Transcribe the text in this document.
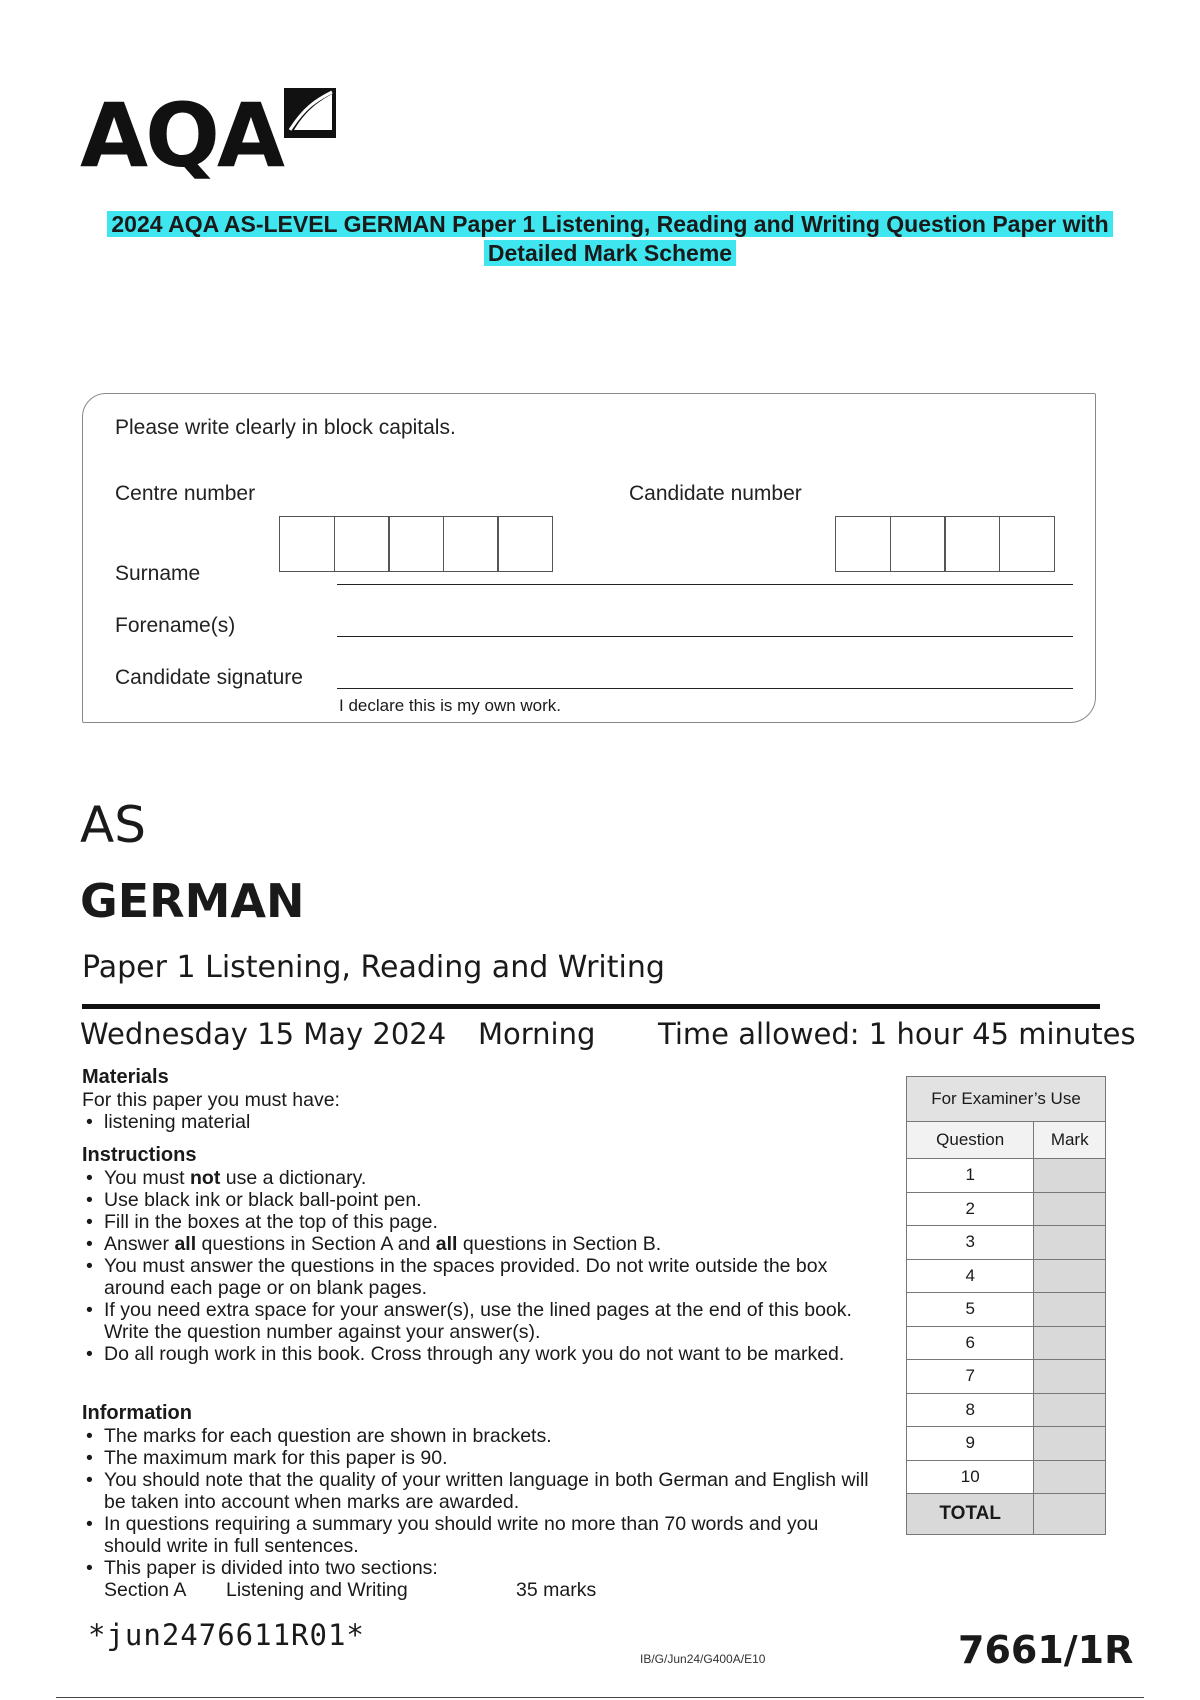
AQA
2024 AQA AS-LEVEL GERMAN Paper 1 Listening, Reading and Writing Question Paper with
Detailed Mark Scheme
Please write clearly in block capitals.
Centre number	Candidate number
Surname
Forename(s)
Candidate signature
I declare this is my own work.
AS
GERMAN
Paper 1 Listening, Reading and Writing
Wednesday 15 May 2024 Morning Time allowed: 1 hour 45 minutes
Materials
For this paper you must have:
• listening material
Instructions
• You must not use a dictionary.
• Use black ink or black ball-point pen.
• Fill in the boxes at the top of this page.
• Answer all questions in Section A and all questions in Section B.
• You must answer the questions in the spaces provided. Do not write outside the box around each page or on blank pages.
• If you need extra space for your answer(s), use the lined pages at the end of this book. Write the question number against your answer(s).
• Do all rough work in this book. Cross through any work you do not want to be marked.
Information
• The marks for each question are shown in brackets.
• The maximum mark for this paper is 90.
• You should note that the quality of your written language in both German and English will be taken into account when marks are awarded.
• In questions requiring a summary you should write no more than 70 words and you should write in full sentences.
• This paper is divided into two sections:
Section A Listening and Writing	35 marks
For Examiner’s Use	
Question	Mark
1	
2	
3	
4	
5	
6	
7	
8	
9	
10	
TOTAL	
*jun2476611R01*
IB/G/Jun24/G400A/E10	7661/1R
